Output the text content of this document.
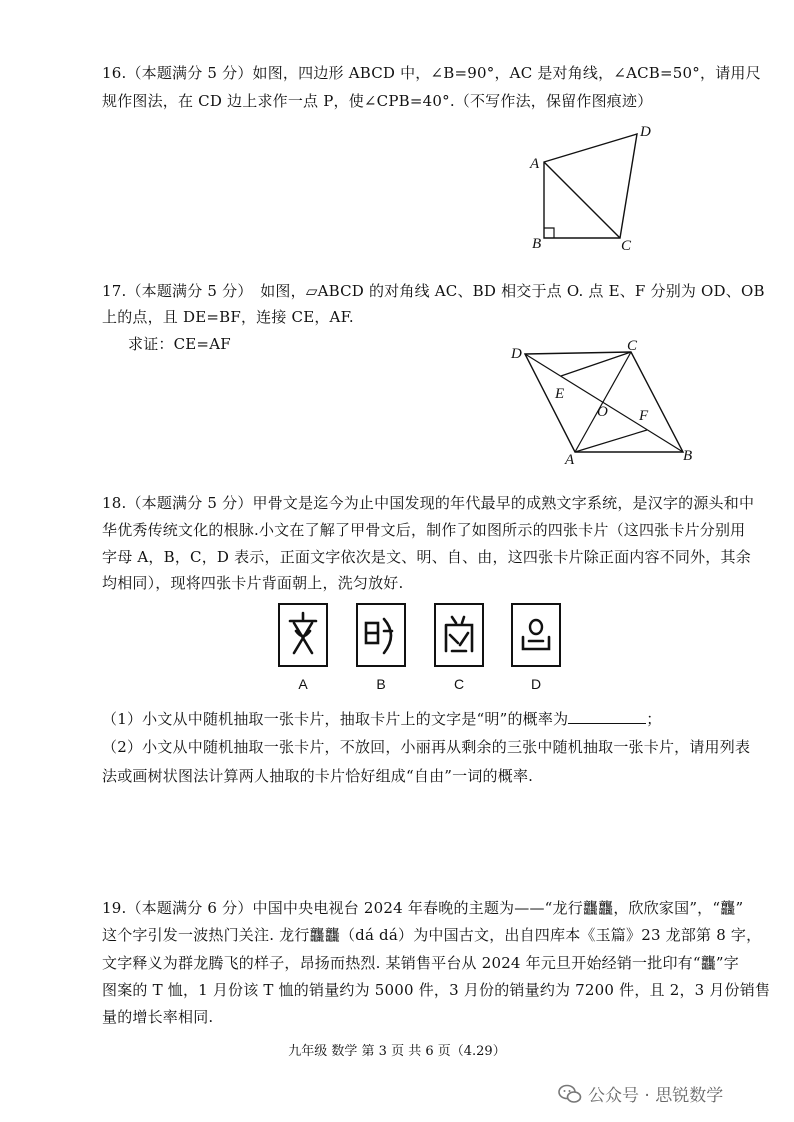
16.（本题满分 5 分）如图，四边形 ABCD 中，∠B=90°，AC 是对角线，∠ACB=50°，请用尺
规作图法，在 CD 边上求作一点 P，使∠CPB=40°.（不写作法，保留作图痕迹）
A
D
B	C
17.（本题满分 5 分）　如图，▱ABCD 的对角线 AC、BD 相交于点 O. 点 E、F 分别为 OD、OB
上的点，且 DE=BF，连接 CE，AF.
求证：CE=AF
D	C
E
O F
A	B
18.（本题满分 5 分）甲骨文是迄今为止中国发现的年代最早的成熟文字系统，是汉字的源头和中
华优秀传统文化的根脉.小文在了解了甲骨文后，制作了如图所示的四张卡片（这四张卡片分别用
字母 A，B，C，D 表示，正面文字依次是文、明、自、由，这四张卡片除正面内容不同外，其余
均相同），现将四张卡片背面朝上，洗匀放好.
A	B	C	D
（1）小文从中随机抽取一张卡片，抽取卡片上的文字是“明”的概率为	；
（2）小文从中随机抽取一张卡片，不放回，小丽再从剩余的三张中随机抽取一张卡片，请用列表
法或画树状图法计算两人抽取的卡片恰好组成“自由”一词的概率.
19.（本题满分 6 分）中国中央电视台 2024 年春晚的主题为——“龙行龘龘，欣欣家国”，“龘”
这个字引发一波热门关注. 龙行龘龘（dá dá）为中国古文，出自四库本《玉篇》23 龙部第 8 字，
文字释义为群龙腾飞的样子，昂扬而热烈. 某销售平台从 2024 年元旦开始经销一批印有“龘”字
图案的 T 恤，1 月份该 T 恤的销量约为 5000 件，3 月份的销量约为 7200 件，且 2，3 月份销售
量的增长率相同.
九年级 数学 第 3 页 共 6 页（4.29）
公众号 · 思锐数学
